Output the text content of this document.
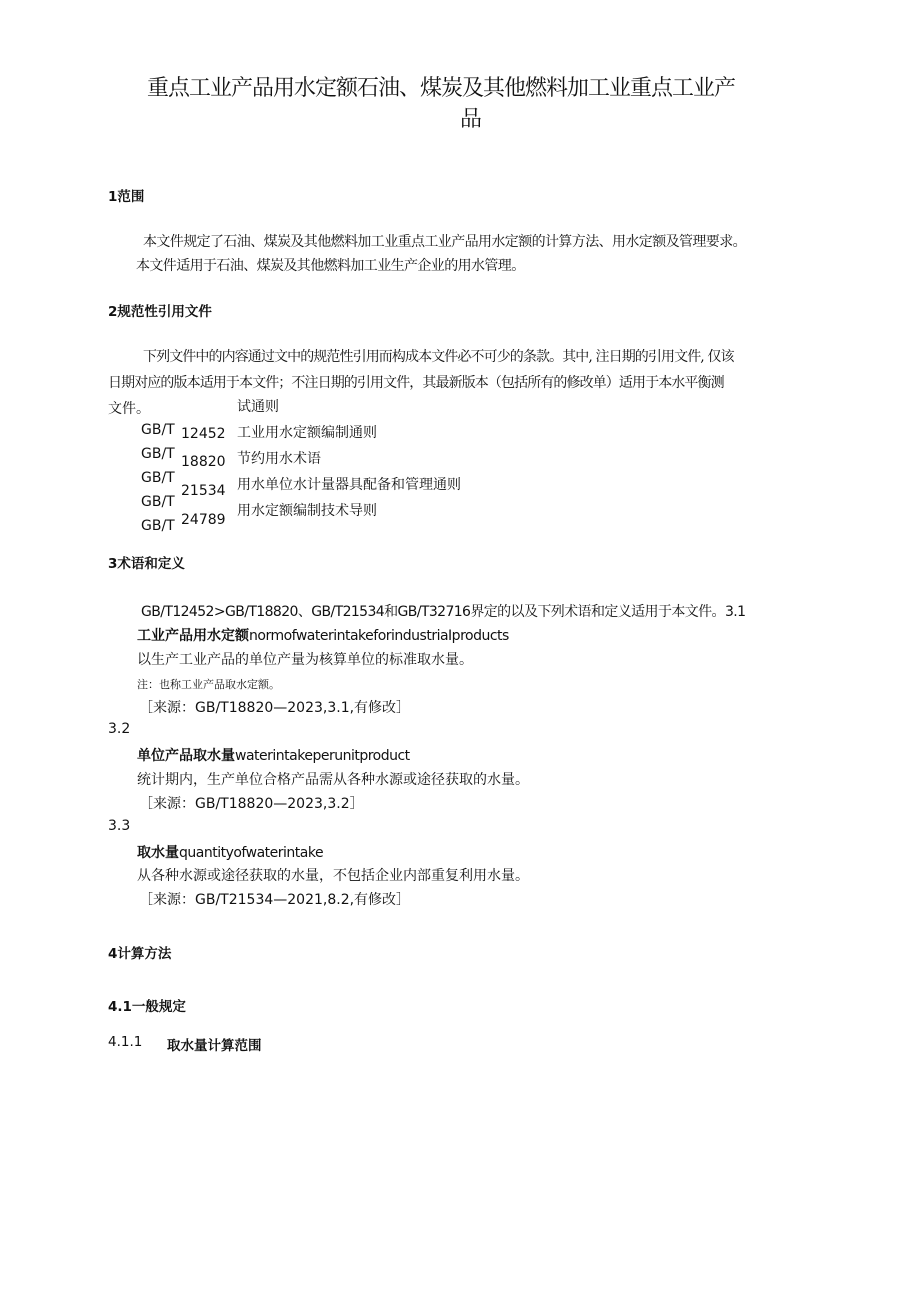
重点工业产品用水定额石油、煤炭及其他燃料加工业重点工业产
品
1范围
本文件规定了石油、煤炭及其他燃料加工业重点工业产品用水定额的计算方法、用水定额及管理要求。
本文件适用于石油、煤炭及其他燃料加工业生产企业的用水管理。
2规范性引用文件
下列文件中的内容通过文中的规范性引用而构成本文件必不可少的条款。其中, 注日期的引用文件, 仅该
日期对应的版本适用于本文件；不注日期的引用文件，其最新版本（包括所有的修改单）适用于本水平衡测
文件。
GB/T
GB/T
GB/T
GB/T
GB/T
12452
18820
21534
24789
试通则
工业用水定额编制通则
节约用水术语
用水单位水计量器具配备和管理通则
用水定额编制技术导则
3术语和定义
GB/T12452>GB/T18820、GB/T21534和GB/T32716界定的以及下列术语和定义适用于本文件。3.1
工业产品用水定额normofwaterintakeforindustriaIproducts
以生产工业产品的单位产量为核算单位的标准取水量。
注：也称工业产品取水定额。
［来源：GB/T18820—2023,3.1,有修改］
3.2
单位产品取水量waterintakeperunitproduct
统计期内，生产单位合格产品需从各种水源或途径获取的水量。
［来源：GB/T18820—2023,3.2］
3.3
取水量quantityofwaterintake
从各种水源或途径获取的水量，不包括企业内部重复利用水量。
［来源：GB/T21534—2021,8.2,有修改］
4计算方法
4.1一般规定
4.1.1 取水量计算范围
